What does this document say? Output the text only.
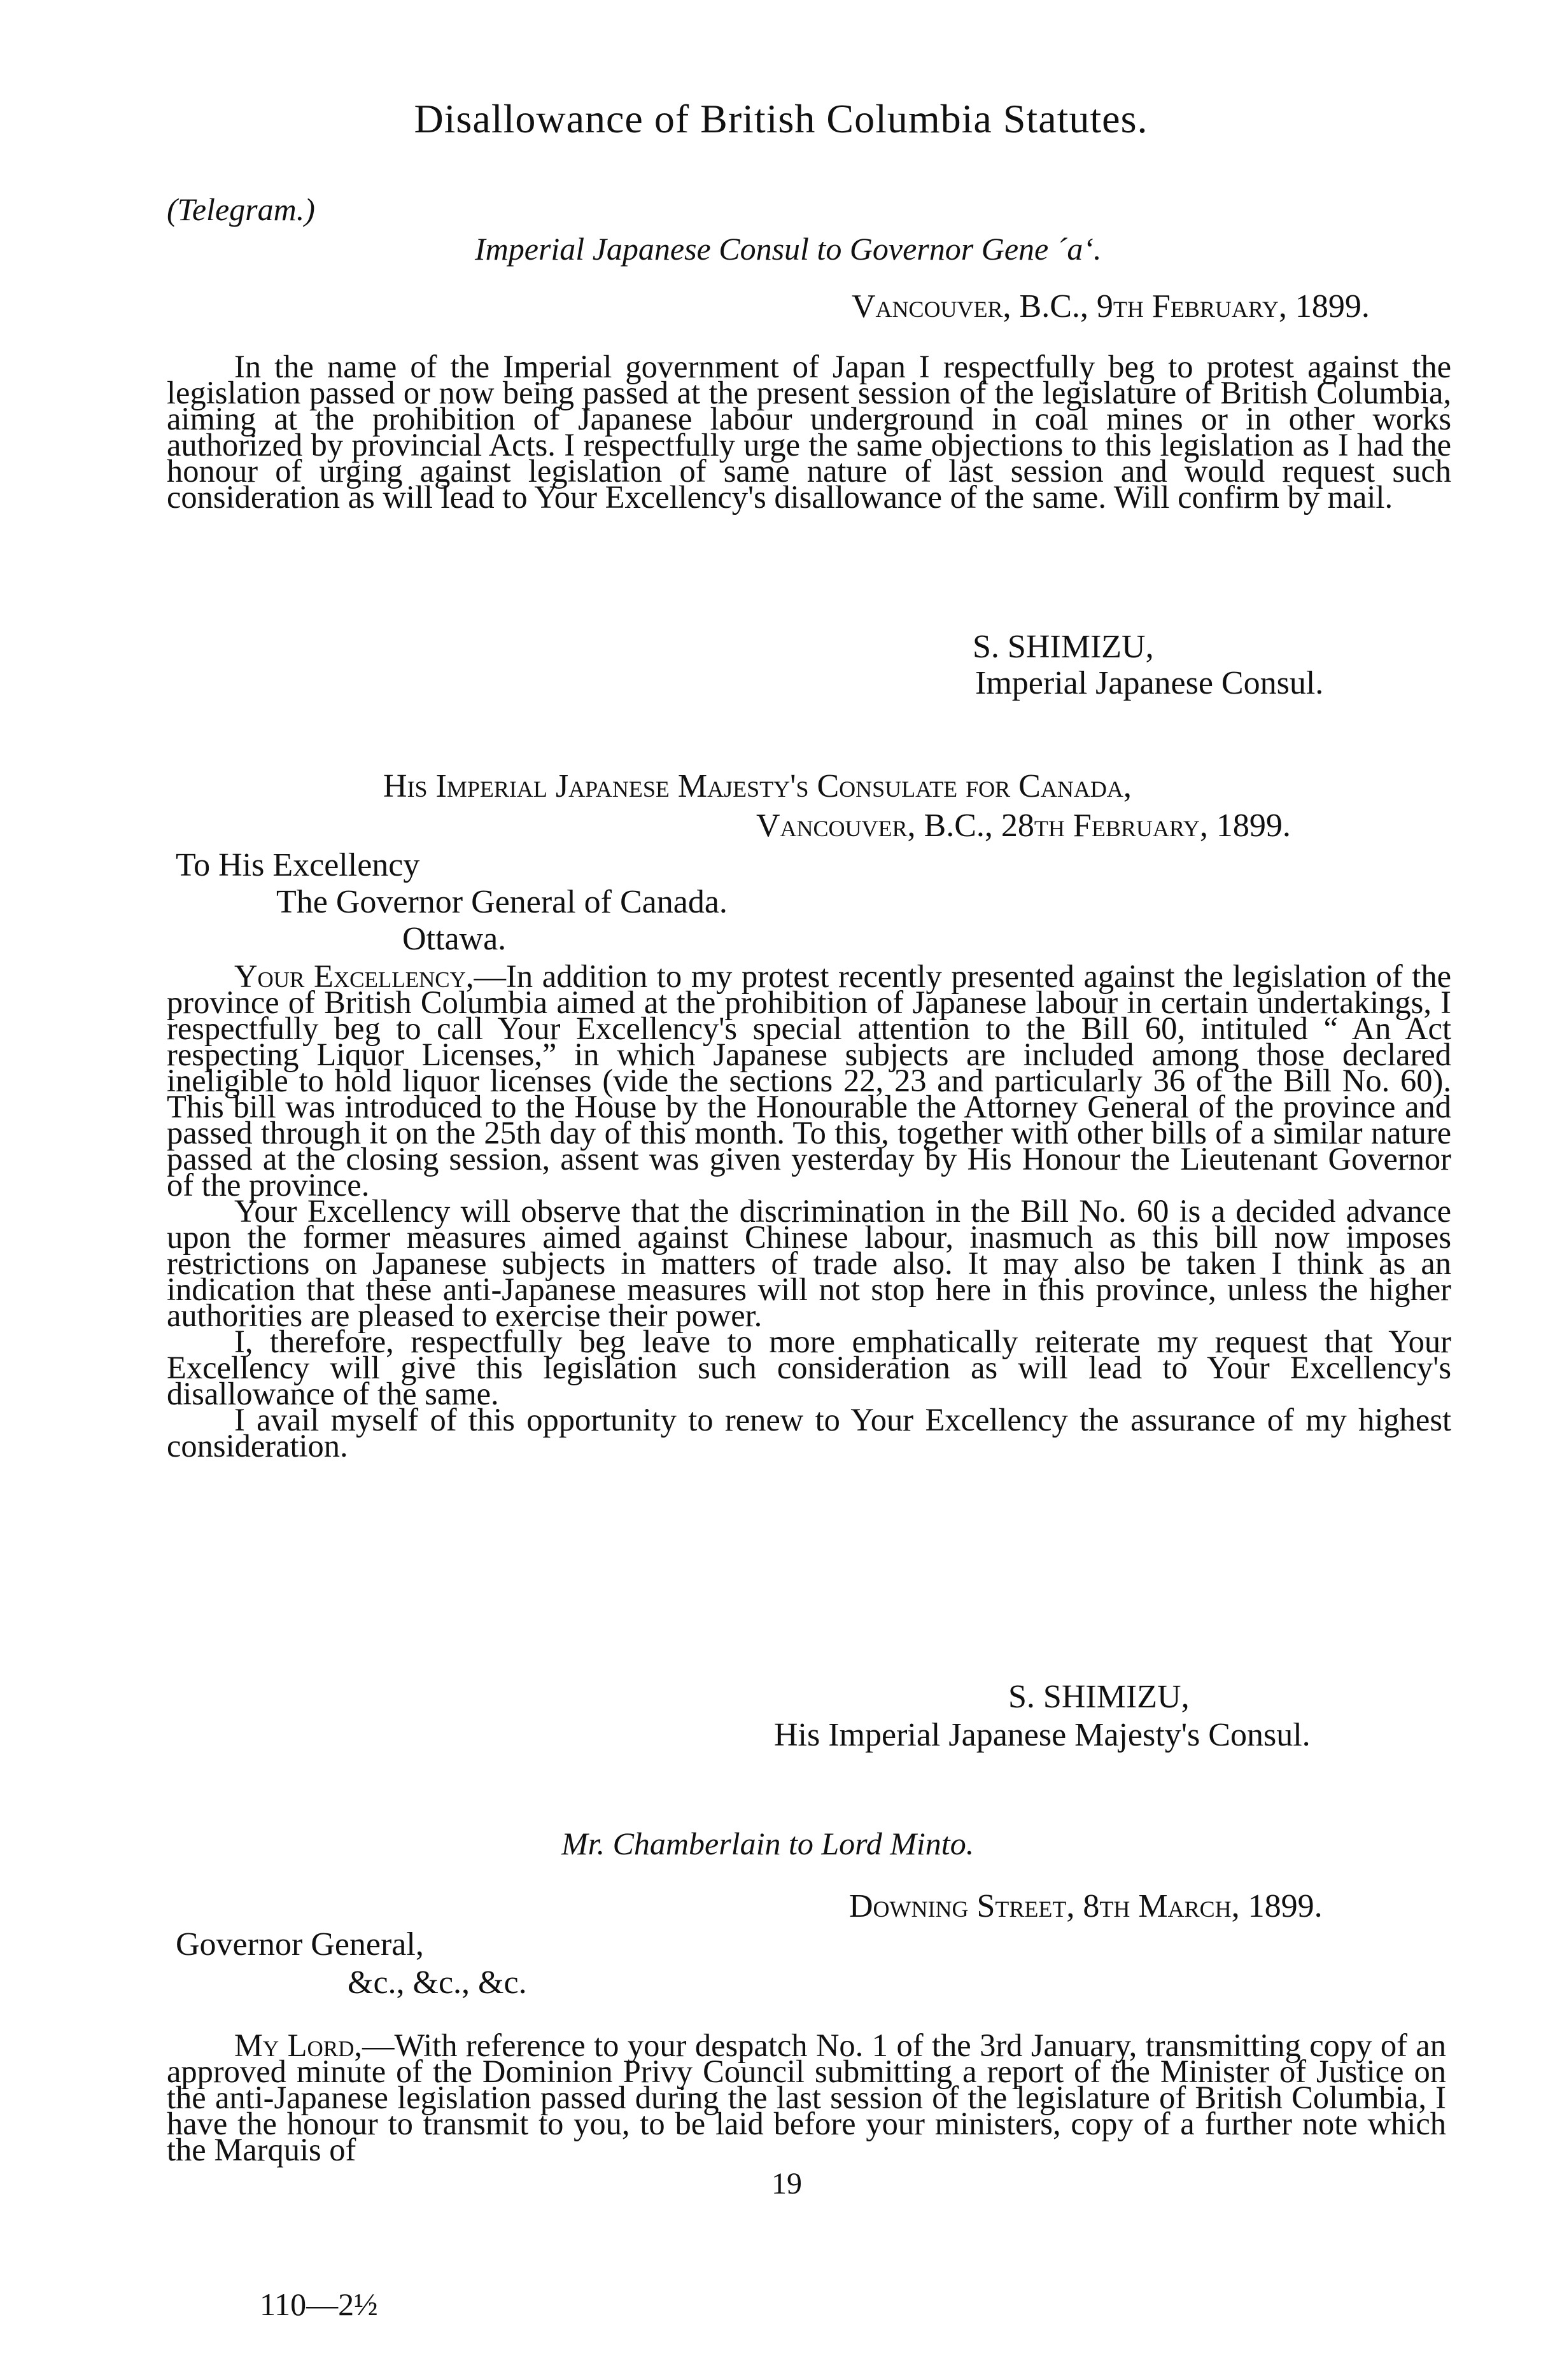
Disallowance of British Columbia Statutes.
(Telegram.)
Imperial Japanese Consul to Governor Gene ´aʻ.
Vancouver, B.C., 9th February, 1899.

In the name of the Imperial government of Japan I respectfully beg to protest against the legislation passed or now being passed at the present session of the legislature of British Columbia, aiming at the prohibition of Japanese labour underground in coal mines or in other works authorized by provincial Acts. I respectfully urge the same objections to this legislation as I had the honour of urging against legislation of same nature of last session and would request such consideration as will lead to Your Excellency's disallowance of the same. Will confirm by mail.

S. SHIMIZU,
Imperial Japanese Consul.
His Imperial Japanese Majesty's Consulate for Canada,
Vancouver, B.C., 28th February, 1899.
To His Excellency
The Governor General of Canada.
Ottawa.

Your Excellency,—In addition to my protest recently presented against the legislation of the province of British Columbia aimed at the prohibition of Japanese labour in certain undertakings, I respectfully beg to call Your Excellency's special attention to the Bill 60, intituled “ An Act respecting Liquor Licenses,” in which Japanese subjects are included among those declared ineligible to hold liquor licenses (vide the sections 22, 23 and particularly 36 of the Bill No. 60). This bill was introduced to the House by the Honourable the Attorney General of the province and passed through it on the 25th day of this month. To this, together with other bills of a similar nature passed at the closing session, assent was given yesterday by His Honour the Lieutenant Governor of the province.

Your Excellency will observe that the discrimination in the Bill No. 60 is a decided advance upon the former measures aimed against Chinese labour, inasmuch as this bill now imposes restrictions on Japanese subjects in matters of trade also. It may also be taken I think as an indication that these anti-Japanese measures will not stop here in this province, unless the higher authorities are pleased to exercise their power.

I, therefore, respectfully beg leave to more emphatically reiterate my request that Your Excellency will give this legislation such consideration as will lead to Your Excellency's disallowance of the same.

I avail myself of this opportunity to renew to Your Excellency the assurance of my highest consideration.

S. SHIMIZU,
His Imperial Japanese Majesty's Consul.
Mr. Chamberlain to Lord Minto.
Downing Street, 8th March, 1899.
Governor General,
&c., &c., &c.

My Lord,—With reference to your despatch No. 1 of the 3rd January, transmitting copy of an approved minute of the Dominion Privy Council submitting a report of the Minister of Justice on the anti-Japanese legislation passed during the last session of the legislature of British Columbia, I have the honour to transmit to you, to be laid before your ministers, copy of a further note which the Marquis of

19
110—2½
